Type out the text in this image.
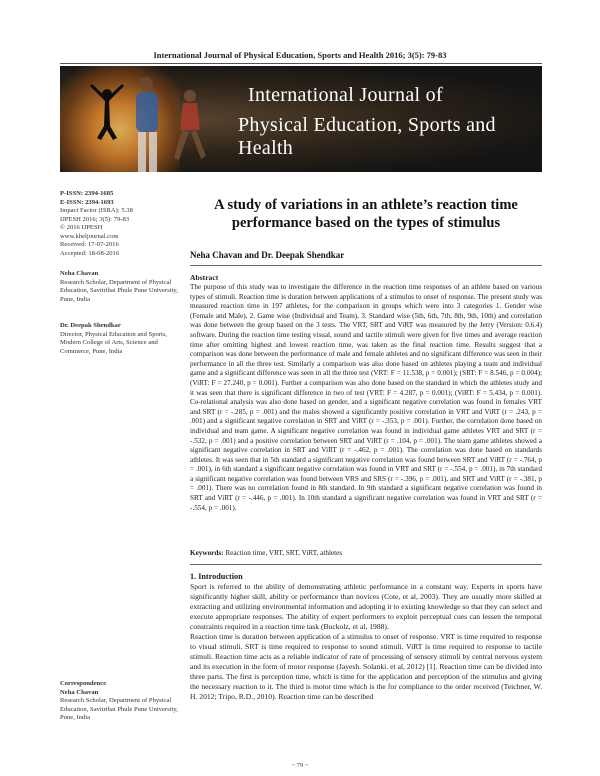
International Journal of Physical Education, Sports and Health 2016; 3(5): 79-83
International Journal of
Physical Education, Sports and Health
P-ISSN: 2394-1685
E-ISSN: 2394-1693
Impact Factor (ISRA): 5.38
IJPESH 2016; 3(5): 79-83
© 2016 IJPESH
www.kheljournal.com
Received: 17-07-2016
Accepted: 18-08-2016
Neha Chavan
Research Scholar, Department of Physical Education, Savitribai Phule Pune University, Pune, India
Dr. Deepak Shendkar
Director, Physical Education and Sports, Modern College of Arts, Science and Commerce, Pune, India
Correspondence
Neha Chavan
Research Scholar, Department of Physical Education, Savitribai Phule Pune University, Pune, India
A study of variations in an athlete’s reaction time performance based on the types of stimulus
Neha Chavan and Dr. Deepak Shendkar
Abstract

The purpose of this study was to investigate the difference in the reaction time responses of an athlete based on various types of stimuli. Reaction time is duration between applications of a stimulus to onset of response. The present study was measured reaction time in 197 athletes, for the comparison in groups which were into 3 categories 1. Gender wise (Female and Male), 2. Game wise (Individual and Team), 3. Standard wise (5th, 6th, 7th, 8th, 9th, 10th) and correlation was done between the group based on the 3 tests. The VRT, SRT and ViRT was measured by the Jerry (Version: 0.6.4) software. During the reaction time testing visual, sound and tactile stimuli were given for five times and average reaction time after omitting highest and lowest reaction time, was taken as the final reaction time. Results suggest that a comparison was done between the performance of male and female athletes and no significant difference was seen in their performance in all the three test. Similarly a comparison was also done based on athletes playing a team and individual game and a significant difference was seen in all the three test (VRT: F = 11.538, p = 0.001); (SRT: F = 8.546, p = 0.004); (ViRT: F = 27.240, p = 0.001). Further a comparison was also done based on the standard in which the athletes study and it was seen that there is significant difference in two of test (VRT: F = 4.287, p = 0.001); (ViRT: F = 5.434, p = 0.001). Co-relational analysis was also done based on gender, and a significant negative correlation was found in females VRT and SRT (r = -.285, p = .001) and the males showed a significantly positive correlation in VRT and ViRT (r = .243, p = .001) and a significant negative correlation in SRT and ViRT (r = -.353, p = .001). Further, the correlation done based on individual and team game. A significant negative correlation was found in individual game athletes VRT and SRT (r = -.532, p = .001) and a positive correlation between SRT and ViRT (r = .104, p = .001). The team game athletes showed a significant negative correlation in SRT and ViRT (r = -.462, p = .001). The correlation was done based on standards athletes. It was seen that in 5th standard a significant negative correlation was found between SRT and ViRT (r = -.764, p = .001), in 6th standard a significant negative correlation was found in VRT and SRT (r = -.554, p = .001), in 7th standard a significant negative correlation was found between VRS and SRS (r = -.396, p = .001), and SRT and ViRT (r = -.381, p = .001). There was no correlation found in 8th standard. In 9th standard a significant negative correlation was found in SRT and ViRT (r = -.446, p = .001). In 10th standard a significant negative correlation was found in VRT and SRT (r = -.554, p = .001).

Keywords: Reaction time, VRT, SRT, ViRT, athletes
1. Introduction

Sport is referred to the ability of demonstrating athletic performance in a constant way. Experts in sports have significantly higher skill, ability or performance than novices (Cote, et al, 2003). They are usually more skilled at extracting and utilizing environmental information and adopting it to existing knowledge so that they can select and execute appropriate responses. The ability of expert performers to exploit perceptual cues can lessen the temporal constraints required in a reaction time task (Buckolz, et al, 1988).

Reaction time is duration between application of a stimulus to onset of response. VRT is time required to response to visual stimuli. SRT is time required to response to sound stimuli. ViRT is time required to response to tactile stimuli. Reaction time acts as a reliable indicator of rate of processing of sensory stimuli by central nervous system and its execution in the form of motor response (Jayesh. Solanki. et al, 2012) [1]. Reaction time can be divided into three parts. The first is perception time, which is time for the application and perception of the stimulus and giving the necessary reaction to it. The third is motor time which is the for compliance to the order received (Teichner, W. H. 2012; Tripo, R.D., 2010). Reaction time can be described

~ 79 ~
